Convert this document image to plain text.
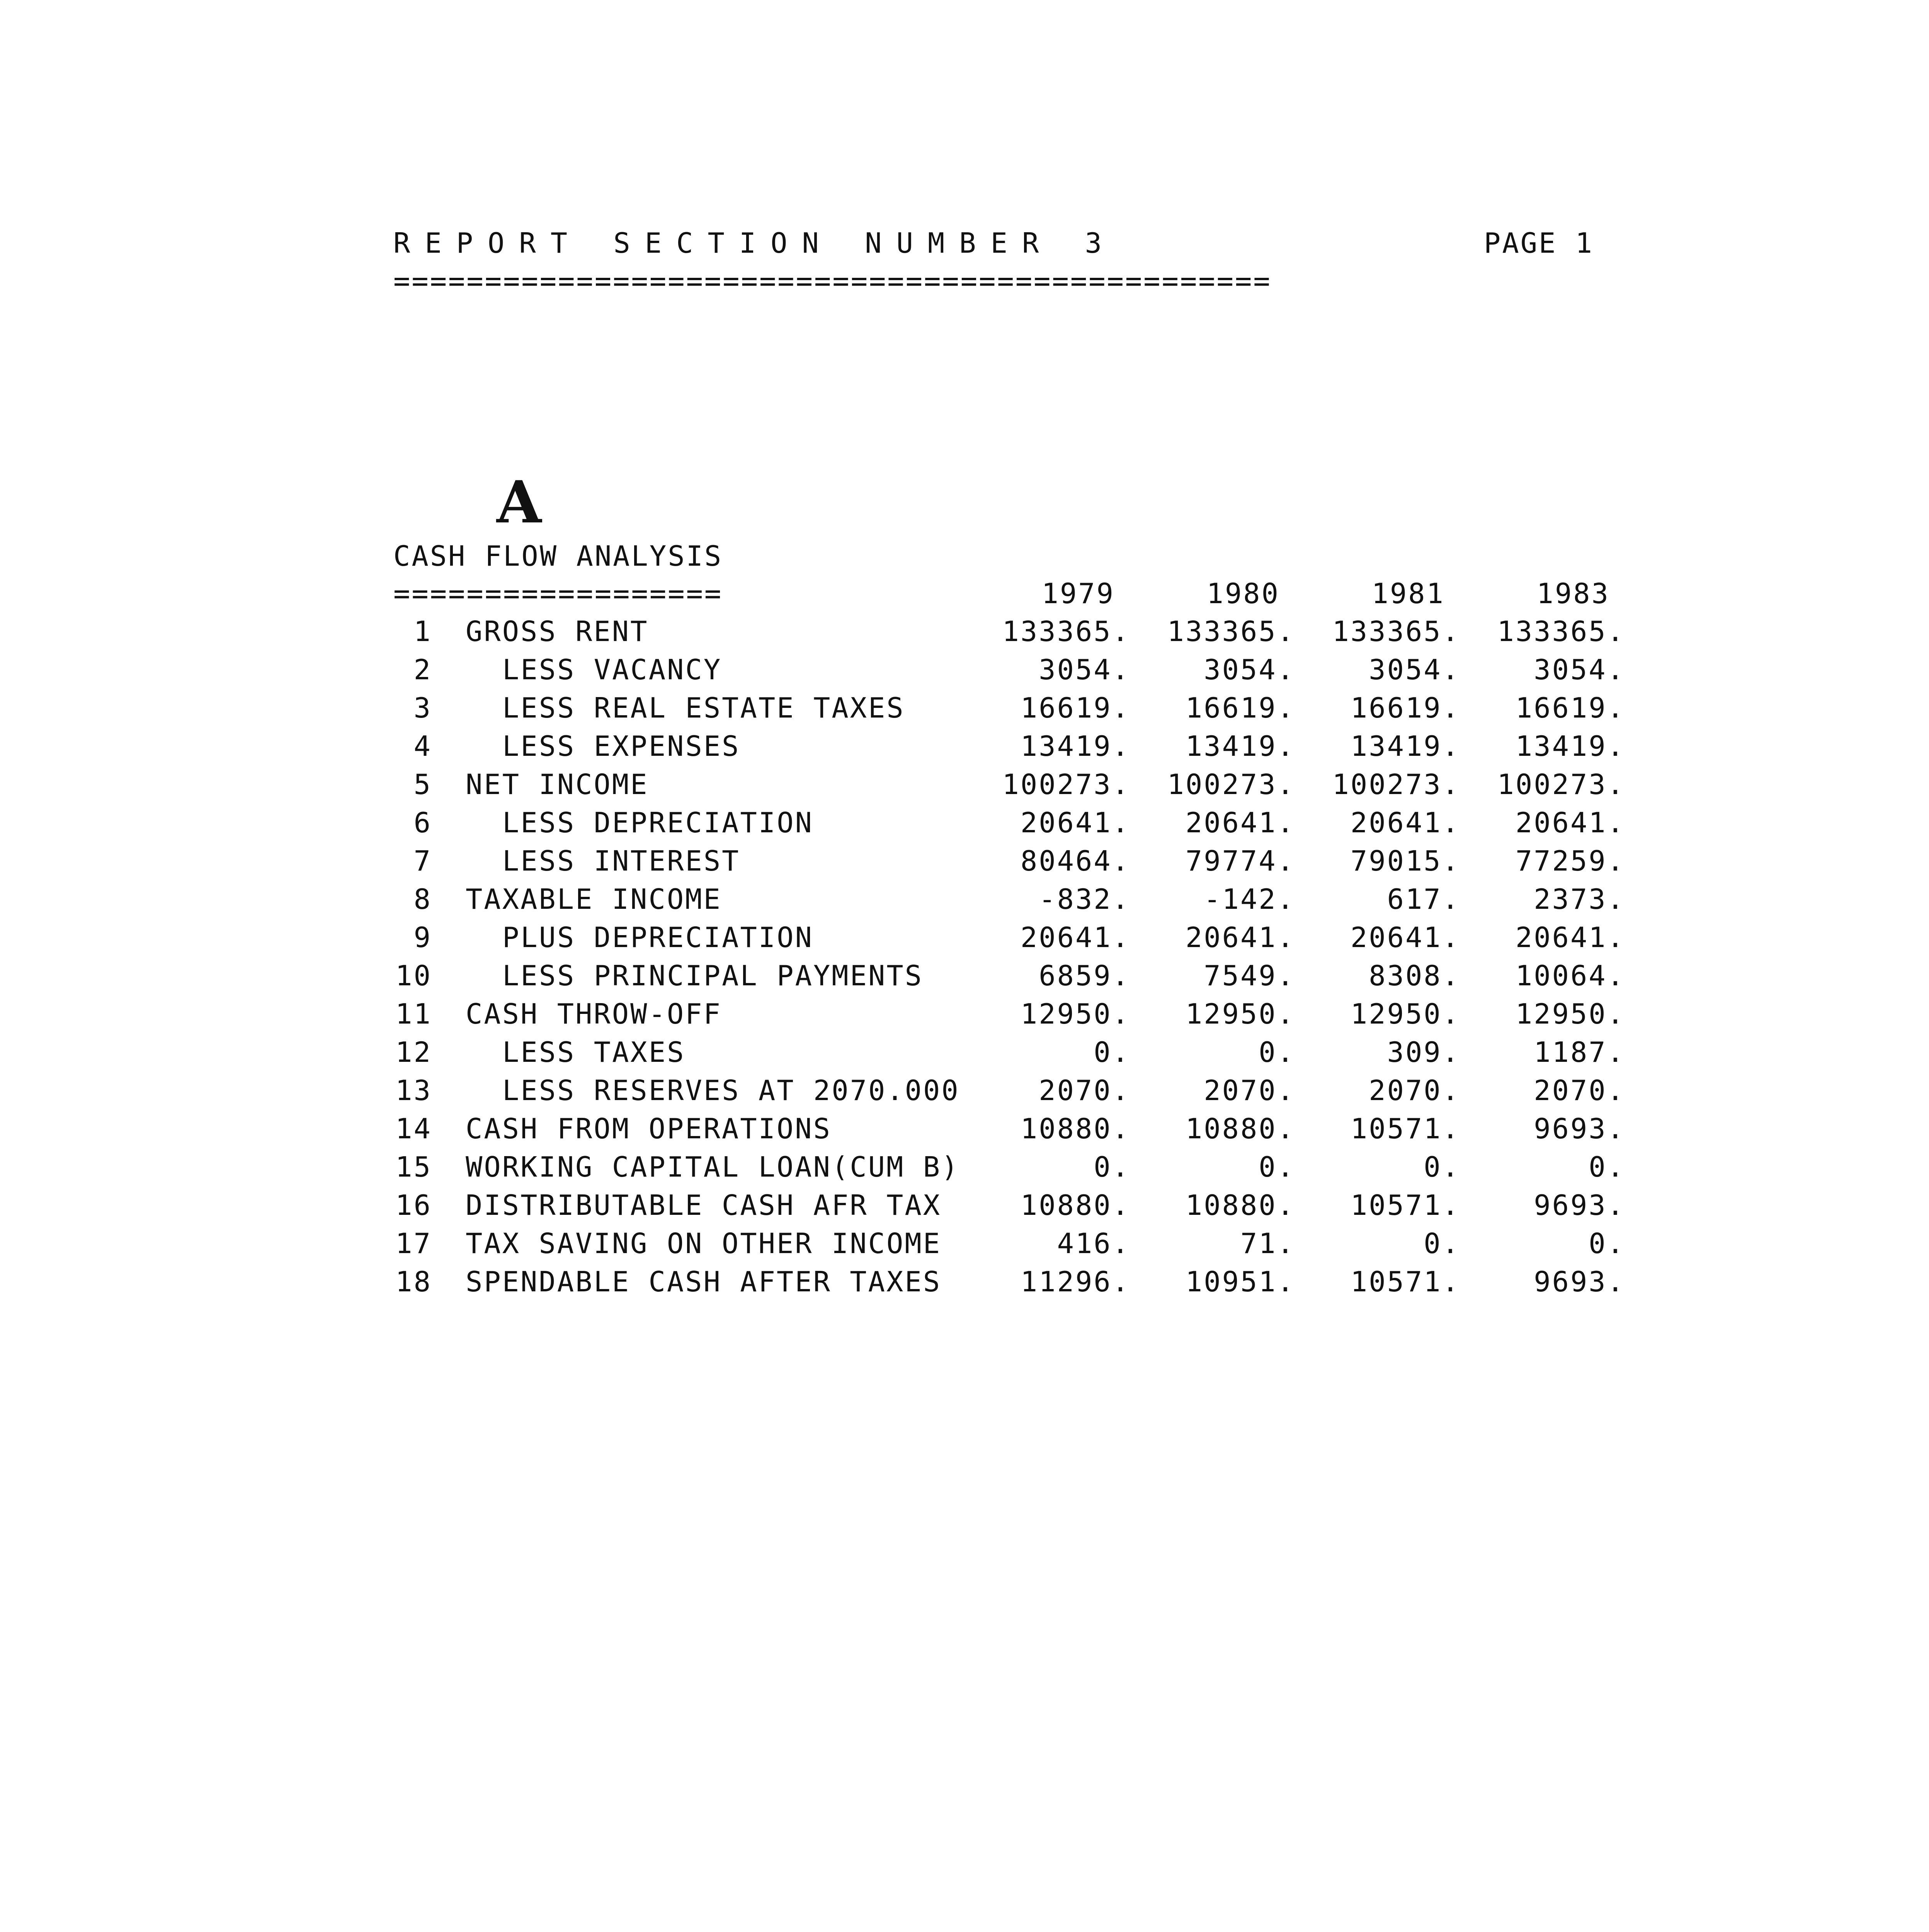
REPORT SECTION NUMBER 3	PAGE 1
================================================
A
CASH FLOW ANALYSIS
==================	1979	1980	1981	1983
1 GROSS RENT	133365.	133365.	133365.	133365.
2	LESS VACANCY	3054.	3054.	3054.	3054.
3	LESS REAL ESTATE TAXES	16619.	16619.	16619.	16619.
4	LESS EXPENSES	13419.	13419.	13419.	13419.
5 NET INCOME	100273.	100273.	100273.	100273.
6	LESS DEPRECIATION	20641.	20641.	20641.	20641.
7	LESS INTEREST	80464.	79774.	79015.	77259.
8 TAXABLE INCOME	-832.	-142.	617.	2373.
9	PLUS DEPRECIATION	20641.	20641.	20641.	20641.
10	LESS PRINCIPAL PAYMENTS	6859.	7549.	8308.	10064.
11 CASH THROW-OFF	12950.	12950.	12950.	12950.
12	LESS TAXES	0.	0.	309.	1187.
13	LESS RESERVES AT 2070.000	2070.	2070.	2070.	2070.
14 CASH FROM OPERATIONS	10880.	10880.	10571.	9693.
15 WORKING CAPITAL LOAN(CUM B)	0.	0.	0.	0.
16 DISTRIBUTABLE CASH AFR TAX	10880.	10880.	10571.	9693.
17 TAX SAVING ON OTHER INCOME	416.	71.	0.	0.
18 SPENDABLE CASH AFTER TAXES	11296.	10951.	10571.	9693.
